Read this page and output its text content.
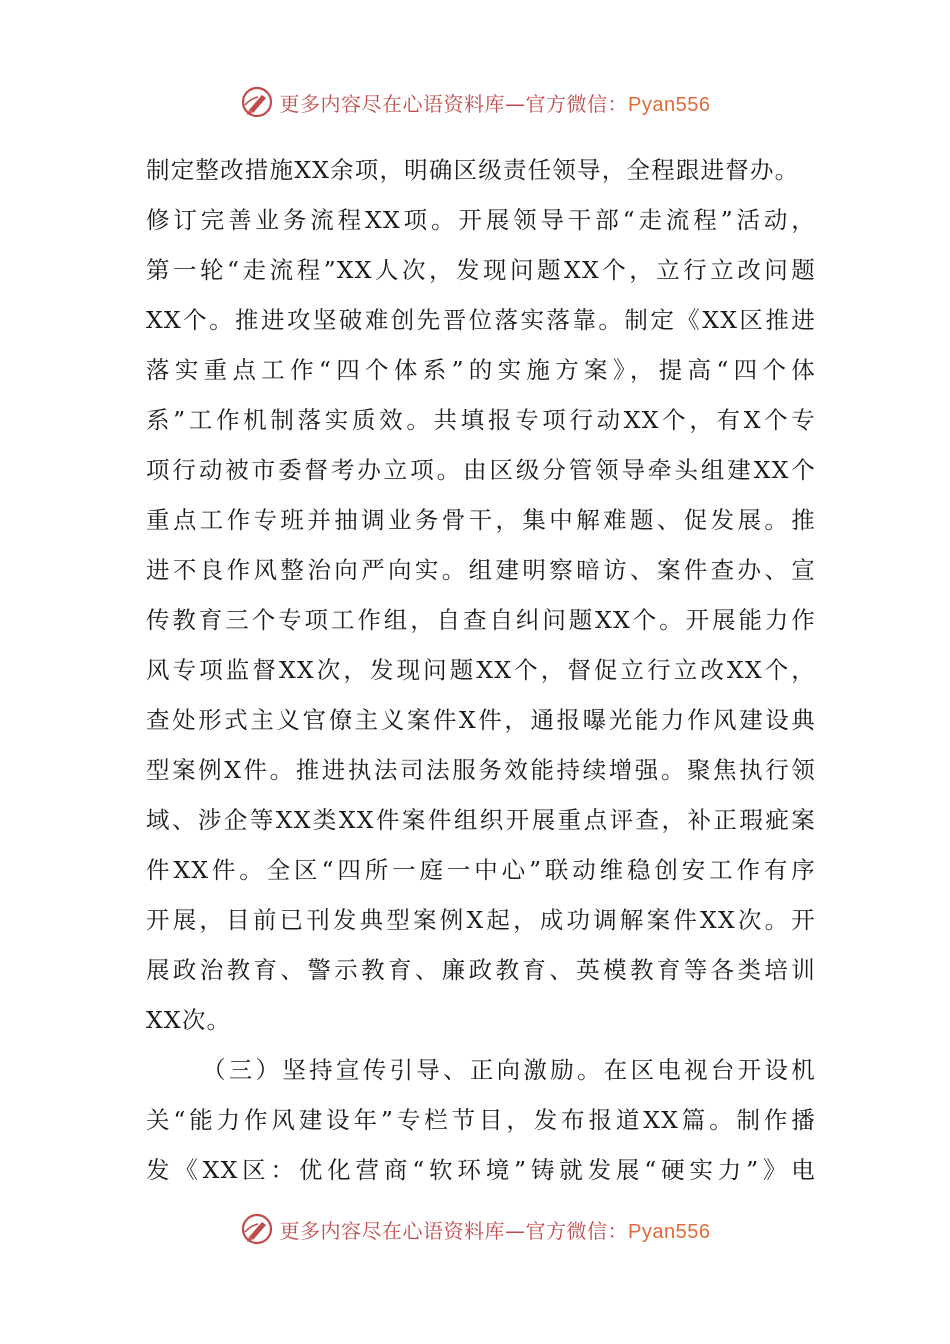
更多内容尽在心语资料库—官方微信：Pyan556
制定整改措施XX余项，明确区级责任领导，全程跟进督办。
修订完善业务流程XX项。开展领导干部“走流程”活动，
第一轮“走流程”XX人次，发现问题XX个，立行立改问题
XX个。推进攻坚破难创先晋位落实落靠。制定《XX区推进
落实重点工作“四个体系”的实施方案》，提高“四个体
系”工作机制落实质效。共填报专项行动XX个，有X个专
项行动被市委督考办立项。由区级分管领导牵头组建XX个
重点工作专班并抽调业务骨干，集中解难题、促发展。推
进不良作风整治向严向实。组建明察暗访、案件查办、宣
传教育三个专项工作组，自查自纠问题XX个。开展能力作
风专项监督XX次，发现问题XX个，督促立行立改XX个，
查处形式主义官僚主义案件X件，通报曝光能力作风建设典
型案例X件。推进执法司法服务效能持续增强。聚焦执行领
域、涉企等XX类XX件案件组织开展重点评查，补正瑕疵案
件XX件。全区“四所一庭一中心”联动维稳创安工作有序
开展，目前已刊发典型案例X起，成功调解案件XX次。开
展政治教育、警示教育、廉政教育、英模教育等各类培训
XX次。
（三）坚持宣传引导、正向激励。在区电视台开设机
关“能力作风建设年”专栏节目，发布报道XX篇。制作播
发《XX区：优化营商“软环境”铸就发展“硬实力”》电
更多内容尽在心语资料库—官方微信：Pyan556
